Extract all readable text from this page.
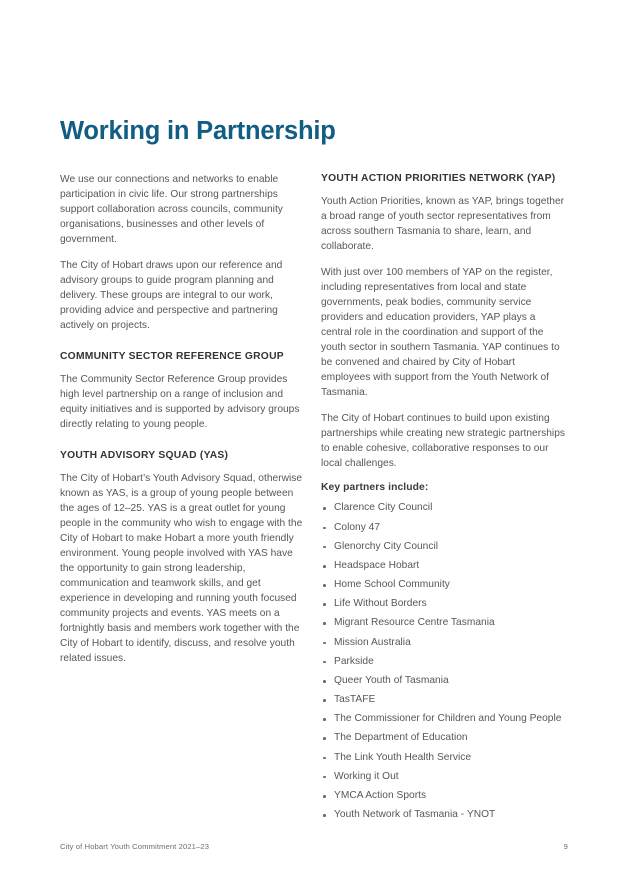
Working in Partnership

We use our connections and networks to enable participation in civic life. Our strong partnerships support collaboration across councils, community organisations, businesses and other levels of government.

The City of Hobart draws upon our reference and advisory groups to guide program planning and delivery. These groups are integral to our work, providing advice and perspective and partnering actively on projects.

COMMUNITY SECTOR REFERENCE GROUP

The Community Sector Reference Group provides high level partnership on a range of inclusion and equity initiatives and is supported by advisory groups directly relating to young people.

YOUTH ADVISORY SQUAD (YAS)

The City of Hobart’s Youth Advisory Squad, otherwise known as YAS, is a group of young people between the ages of 12–25. YAS is a great outlet for young people in the community who wish to engage with the City of Hobart to make Hobart a more youth friendly environment. Young people involved with YAS have the opportunity to gain strong leadership, communication and teamwork skills, and get experience in developing and running youth focused community projects and events. YAS meets on a fortnightly basis and members work together with the City of Hobart to identify, discuss, and resolve youth related issues.

YOUTH ACTION PRIORITIES NETWORK (YAP)

Youth Action Priorities, known as YAP, brings together a broad range of youth sector representatives from across southern Tasmania to share, learn, and collaborate.

With just over 100 members of YAP on the register, including representatives from local and state governments, peak bodies, community service providers and education providers, YAP plays a central role in the coordination and support of the youth sector in southern Tasmania. YAP continues to be convened and chaired by City of Hobart employees with support from the Youth Network of Tasmania.

The City of Hobart continues to build upon existing partnerships while creating new strategic partnerships to enable cohesive, collaborative responses to our local challenges.

Key partners include:
Clarence City Council
Colony 47
Glenorchy City Council
Headspace Hobart
Home School Community
Life Without Borders
Migrant Resource Centre Tasmania
Mission Australia
Parkside
Queer Youth of Tasmania
TasTAFE
The Commissioner for Children and Young People
The Department of Education
The Link Youth Health Service
Working it Out
YMCA Action Sports
Youth Network of Tasmania - YNOT
City of Hobart Youth Commitment 2021–23	9
